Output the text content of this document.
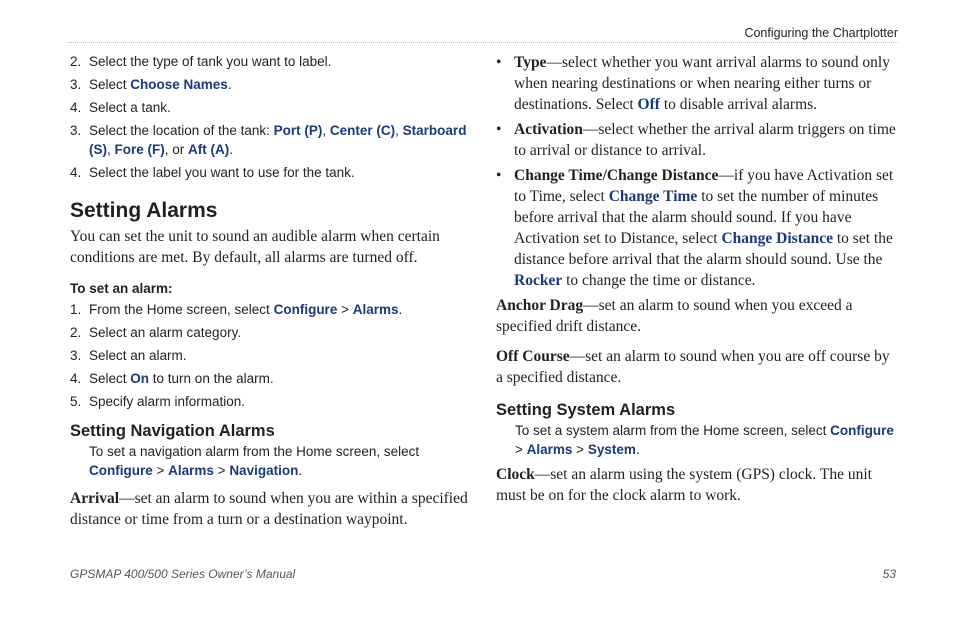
Configuring the Chartplotter
2. Select the type of tank you want to label.
3. Select Choose Names.
4. Select a tank.
3. Select the location of the tank: Port (P), Center (C), Starboard (S), Fore (F), or Aft (A).
4. Select the label you want to use for the tank.
Setting Alarms
You can set the unit to sound an audible alarm when certain conditions are met. By default, all alarms are turned off.
To set an alarm:
1. From the Home screen, select Configure > Alarms.
2. Select an alarm category.
3. Select an alarm.
4. Select On to turn on the alarm.
5. Specify alarm information.
Setting Navigation Alarms
To set a navigation alarm from the Home screen, select Configure > Alarms > Navigation.
Arrival—set an alarm to sound when you are within a specified distance or time from a turn or a destination waypoint.
• Type—select whether you want arrival alarms to sound only when nearing destinations or when nearing either turns or destinations. Select Off to disable arrival alarms.
• Activation—select whether the arrival alarm triggers on time to arrival or distance to arrival.
• Change Time/Change Distance—if you have Activation set to Time, select Change Time to set the number of minutes before arrival that the alarm should sound. If you have Activation set to Distance, select Change Distance to set the distance before arrival that the alarm should sound. Use the Rocker to change the time or distance.
Anchor Drag—set an alarm to sound when you exceed a specified drift distance.
Off Course—set an alarm to sound when you are off course by a specified distance.
Setting System Alarms
To set a system alarm from the Home screen, select Configure > Alarms > System.
Clock—set an alarm using the system (GPS) clock. The unit must be on for the clock alarm to work.
GPSMAP 400/500 Series Owner’s Manual	53
